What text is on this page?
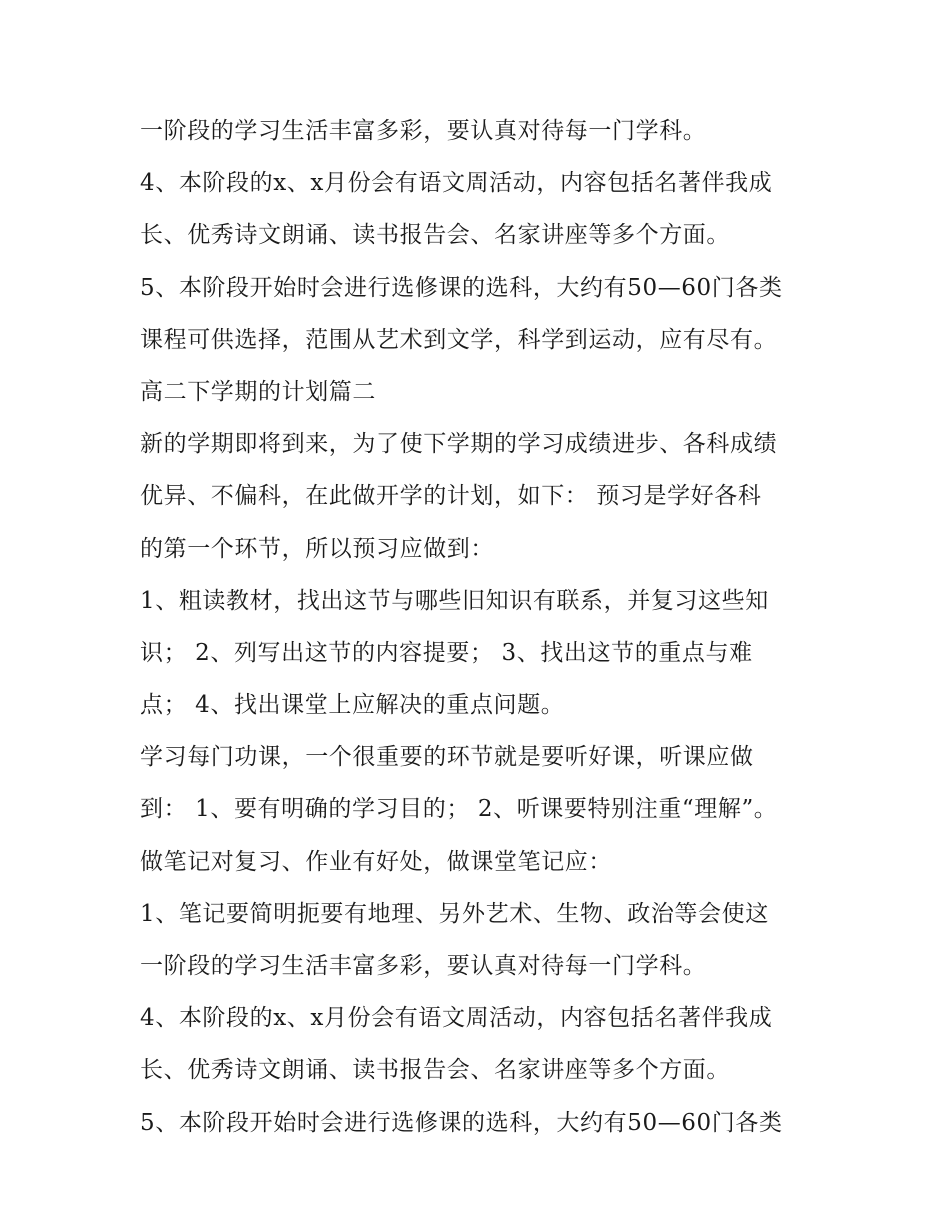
一阶段的学习生活丰富多彩，要认真对待每一门学科。
4、本阶段的x、x月份会有语文周活动，内容包括名著伴我成
长、优秀诗文朗诵、读书报告会、名家讲座等多个方面。
5、本阶段开始时会进行选修课的选科，大约有50—60门各类
课程可供选择，范围从艺术到文学，科学到运动，应有尽有。
高二下学期的计划篇二
新的学期即将到来，为了使下学期的学习成绩进步、各科成绩
优异、不偏科，在此做开学的计划，如下： 预习是学好各科
的第一个环节，所以预习应做到：
1、粗读教材，找出这节与哪些旧知识有联系，并复习这些知
识； 2、列写出这节的内容提要； 3、找出这节的重点与难
点； 4、找出课堂上应解决的重点问题。
学习每门功课，一个很重要的环节就是要听好课，听课应做
到： 1、要有明确的学习目的； 2、听课要特别注重“理解”。
做笔记对复习、作业有好处，做课堂笔记应：
1、笔记要简明扼要有地理、另外艺术、生物、政治等会使这
一阶段的学习生活丰富多彩，要认真对待每一门学科。
4、本阶段的x、x月份会有语文周活动，内容包括名著伴我成
长、优秀诗文朗诵、读书报告会、名家讲座等多个方面。
5、本阶段开始时会进行选修课的选科，大约有50—60门各类
